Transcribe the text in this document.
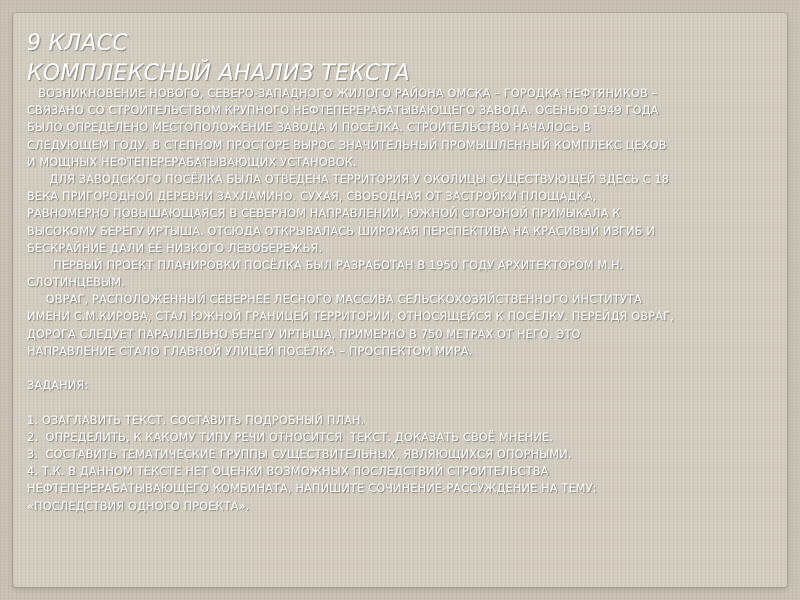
9 КЛАСС
КОМПЛЕКСНЫЙ АНАЛИЗ ТЕКСТА
ВОЗНИКНОВЕНИЕ НОВОГО, СЕВЕРО-ЗАПАДНОГО ЖИЛОГО РАЙОНА ОМСКА – ГОРОДКА НЕФТЯНИКОВ –
СВЯЗАНО СО СТРОИТЕЛЬСТВОМ КРУПНОГО НЕФТЕПЕРЕРАБАТЫВАЮЩЕГО ЗАВОДА. ОСЕНЬЮ 1949 ГОДА
БЫЛО ОПРЕДЕЛЕНО МЕСТОПОЛОЖЕНИЕ ЗАВОДА И ПОСЁЛКА. СТРОИТЕЛЬСТВО НАЧАЛОСЬ В
СЛЕДУЮЩЕМ ГОДУ. В СТЕПНОМ ПРОСТОРЕ ВЫРОС ЗНАЧИТЕЛЬНЫЙ ПРОМЫШЛЕННЫЙ КОМПЛЕКС ЦЕХОВ
И МОЩНЫХ НЕФТЕПЕРЕРАБАТЫВАЮЩИХ УСТАНОВОК.
ДЛЯ ЗАВОДСКОГО ПОСЁЛКА БЫЛА ОТВЕДЕНА ТЕРРИТОРИЯ У ОКОЛИЦЫ СУЩЕСТВУЮЩЕЙ ЗДЕСЬ С 18
ВЕКА ПРИГОРОДНОЙ ДЕРЕВНИ ЗАХЛАМИНО. СУХАЯ, СВОБОДНАЯ ОТ ЗАСТРОЙКИ ПЛОЩАДКА,
РАВНОМЕРНО ПОВЫШАЮЩАЯСЯ В СЕВЕРНОМ НАПРАВЛЕНИИ, ЮЖНОЙ СТОРОНОЙ ПРИМЫКАЛА К
ВЫСОКОМУ БЕРЕГУ ИРТЫША. ОТСЮДА ОТКРЫВАЛАСЬ ШИРОКАЯ ПЕРСПЕКТИВА НА КРАСИВЫЙ ИЗГИБ И
БЕСКРАЙНИЕ ДАЛИ ЕЁ НИЗКОГО ЛЕВОБЕРЕЖЬЯ.
ПЕРВЫЙ ПРОЕКТ ПЛАНИРОВКИ ПОСЁЛКА БЫЛ РАЗРАБОТАН В 1950 ГОДУ АРХИТЕКТОРОМ М.Н.
СЛОТИНЦЕВЫМ.
ОВРАГ, РАСПОЛОЖЕННЫЙ СЕВЕРНЕЕ ЛЕСНОГО МАССИВА СЕЛЬСКОХОЗЯЙСТВЕННОГО ИНСТИТУТА
ИМЕНИ С.М.КИРОВА, СТАЛ ЮЖНОЙ ГРАНИЦЕЙ ТЕРРИТОРИИ, ОТНОСЯЩЕЙСЯ К ПОСЁЛКУ. ПЕРЕЙДЯ ОВРАГ,
ДОРОГА СЛЕДУЕТ ПАРАЛЛЕЛЬНО БЕРЕГУ ИРТЫША, ПРИМЕРНО В 750 МЕТРАХ ОТ НЕГО. ЭТО
НАПРАВЛЕНИЕ СТАЛО ГЛАВНОЙ УЛИЦЕЙ ПОСЁЛКА – ПРОСПЕКТОМ МИРА.
ЗАДАНИЯ:
1. ОЗАГЛАВИТЬ ТЕКСТ. СОСТАВИТЬ ПОДРОБНЫЙ ПЛАН.
2.  ОПРЕДЕЛИТЬ, К КАКОМУ ТИПУ РЕЧИ ОТНОСИТСЯ  ТЕКСТ. ДОКАЗАТЬ СВОЁ МНЕНИЕ.
3.  СОСТАВИТЬ ТЕМАТИЧЕСКИЕ ГРУППЫ СУЩЕСТВИТЕЛЬНЫХ, ЯВЛЯЮЩИХСЯ ОПОРНЫМИ.
4. Т.К. В ДАННОМ ТЕКСТЕ НЕТ ОЦЕНКИ ВОЗМОЖНЫХ ПОСЛЕДСТВИЙ СТРОИТЕЛЬСТВА
НЕФТЕПЕРЕРАБАТЫВАЮЩЕГО КОМБИНАТА, НАПИШИТЕ СОЧИНЕНИЕ-РАССУЖДЕНИЕ НА ТЕМУ:
«ПОСЛЕДСТВИЯ ОДНОГО ПРОЕКТА».
